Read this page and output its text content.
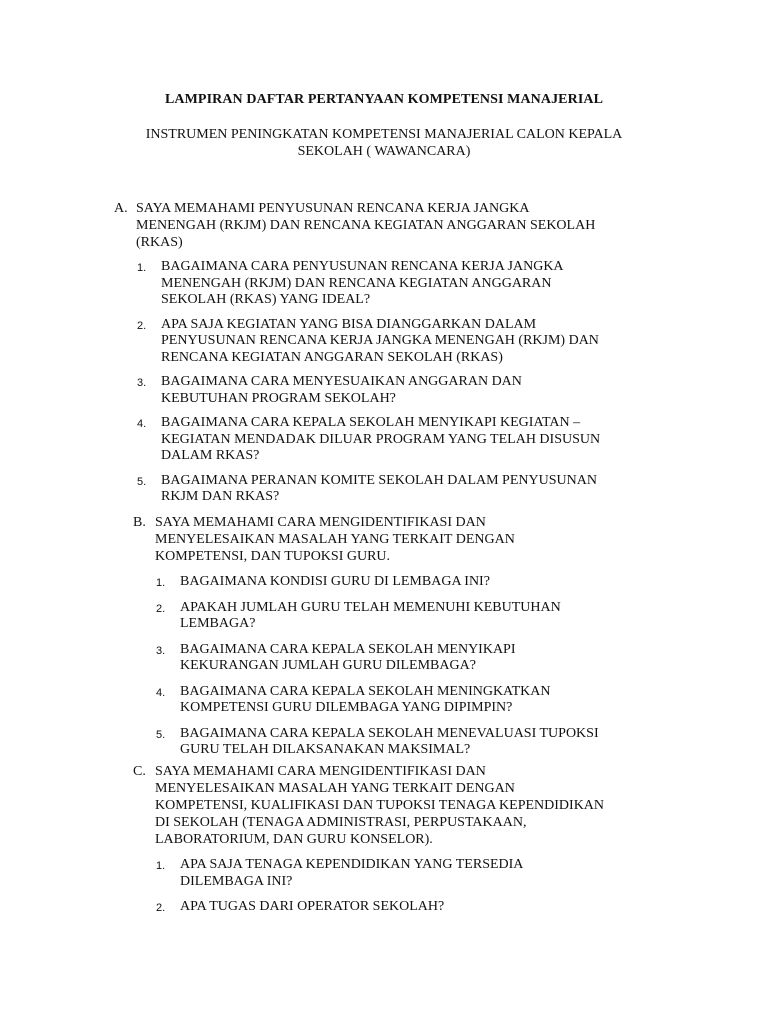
LAMPIRAN DAFTAR PERTANYAAN KOMPETENSI MANAJERIAL
INSTRUMEN PENINGKATAN KOMPETENSI MANAJERIAL CALON KEPALA
SEKOLAH ( WAWANCARA)
A. SAYA MEMAHAMI PENYUSUNAN RENCANA KERJA JANGKA
MENENGAH (RKJM) DAN RENCANA KEGIATAN ANGGARAN SEKOLAH
(RKAS)
1. BAGAIMANA CARA PENYUSUNAN RENCANA KERJA JANGKA
MENENGAH (RKJM) DAN RENCANA KEGIATAN ANGGARAN
SEKOLAH (RKAS) YANG IDEAL?
2. APA SAJA KEGIATAN YANG BISA DIANGGARKAN DALAM
PENYUSUNAN RENCANA KERJA JANGKA MENENGAH (RKJM) DAN
RENCANA KEGIATAN ANGGARAN SEKOLAH (RKAS)
3. BAGAIMANA CARA MENYESUAIKAN ANGGARAN DAN
KEBUTUHAN PROGRAM SEKOLAH?
4. BAGAIMANA CARA KEPALA SEKOLAH MENYIKAPI KEGIATAN –
KEGIATAN MENDADAK DILUAR PROGRAM YANG TELAH DISUSUN
DALAM RKAS?
5. BAGAIMANA PERANAN KOMITE SEKOLAH DALAM PENYUSUNAN
RKJM DAN RKAS?
B. SAYA MEMAHAMI CARA MENGIDENTIFIKASI DAN
MENYELESAIKAN MASALAH YANG TERKAIT DENGAN
KOMPETENSI, DAN TUPOKSI GURU.
1. BAGAIMANA KONDISI GURU DI LEMBAGA INI?
2. APAKAH JUMLAH GURU TELAH MEMENUHI KEBUTUHAN
LEMBAGA?
3. BAGAIMANA CARA KEPALA SEKOLAH MENYIKAPI
KEKURANGAN JUMLAH GURU DILEMBAGA?
4. BAGAIMANA CARA KEPALA SEKOLAH MENINGKATKAN
KOMPETENSI GURU DILEMBAGA YANG DIPIMPIN?
5. BAGAIMANA CARA KEPALA SEKOLAH MENEVALUASI TUPOKSI
GURU TELAH DILAKSANAKAN MAKSIMAL?
C. SAYA MEMAHAMI CARA MENGIDENTIFIKASI DAN
MENYELESAIKAN MASALAH YANG TERKAIT DENGAN
KOMPETENSI, KUALIFIKASI DAN TUPOKSI TENAGA KEPENDIDIKAN
DI SEKOLAH (TENAGA ADMINISTRASI, PERPUSTAKAAN,
LABORATORIUM, DAN GURU KONSELOR).
1. APA SAJA TENAGA KEPENDIDIKAN YANG TERSEDIA
DILEMBAGA INI?
2. APA TUGAS DARI OPERATOR SEKOLAH?
